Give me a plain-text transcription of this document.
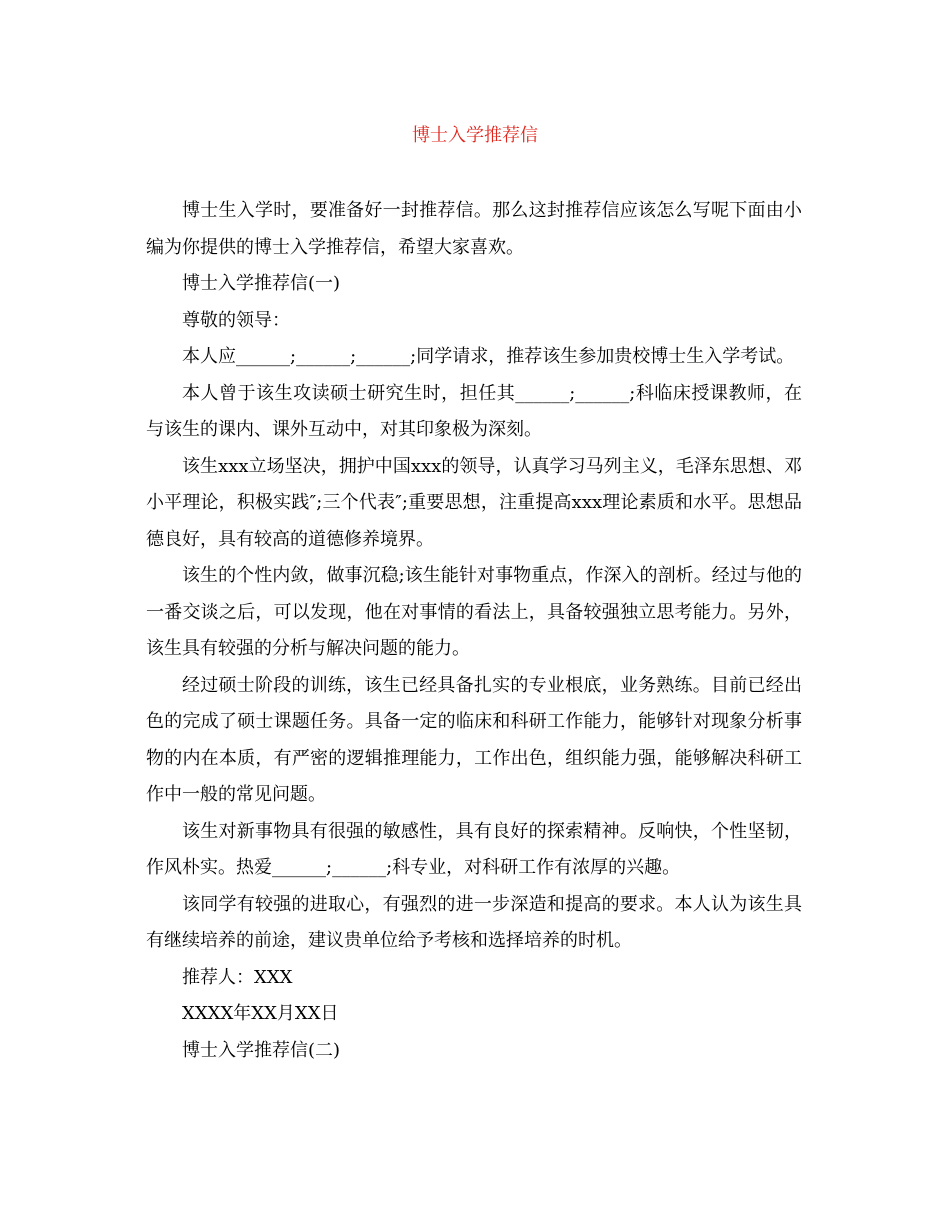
博士入学推荐信

博士生入学时，要准备好一封推荐信。那么这封推荐信应该怎么写呢下面由小编为你提供的博士入学推荐信，希望大家喜欢。

博士入学推荐信(一)

尊敬的领导：

本人应______;______;______;同学请求，推荐该生参加贵校博士生入学考试。

本人曾于该生攻读硕士研究生时，担任其______;______;科临床授课教师，在与该生的课内、课外互动中，对其印象极为深刻。

该生xxx立场坚决，拥护中国xxx的领导，认真学习马列主义，毛泽东思想、邓小平理论，积极实践″;三个代表″;重要思想，注重提高xxx理论素质和水平。思想品德良好，具有较高的道德修养境界。

该生的个性内敛，做事沉稳;该生能针对事物重点，作深入的剖析。经过与他的一番交谈之后，可以发现，他在对事情的看法上，具备较强独立思考能力。另外，该生具有较强的分析与解决问题的能力。

经过硕士阶段的训练，该生已经具备扎实的专业根底，业务熟练。目前已经出色的完成了硕士课题任务。具备一定的临床和科研工作能力，能够针对现象分析事物的内在本质，有严密的逻辑推理能力，工作出色，组织能力强，能够解决科研工作中一般的常见问题。

该生对新事物具有很强的敏感性，具有良好的探索精神。反响快，个性坚韧，作风朴实。热爱______;______;科专业，对科研工作有浓厚的兴趣。

该同学有较强的进取心，有强烈的进一步深造和提高的要求。本人认为该生具有继续培养的前途，建议贵单位给予考核和选择培养的时机。

推荐人：XXX

XXXX年XX月XX日

博士入学推荐信(二)
